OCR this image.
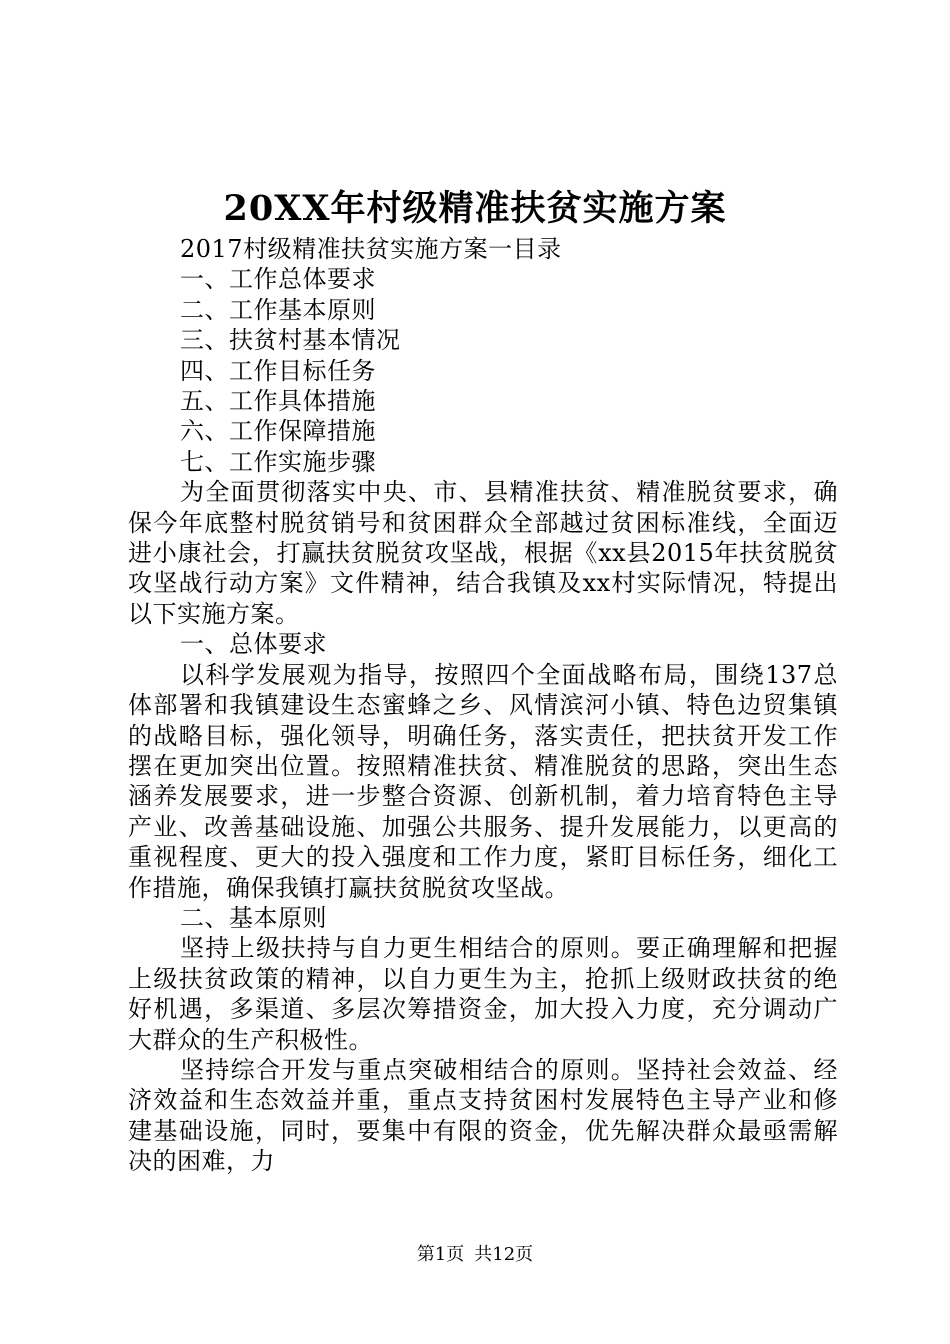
20XX年村级精准扶贫实施方案

2017村级精准扶贫实施方案一目录

一、工作总体要求

二、工作基本原则

三、扶贫村基本情况

四、工作目标任务

五、工作具体措施

六、工作保障措施

七、工作实施步骤

为全面贯彻落实中央、市、县精准扶贫、精准脱贫要求，确保今年底整村脱贫销号和贫困群众全部越过贫困标准线，全面迈进小康社会，打赢扶贫脱贫攻坚战，根据《xx县2015年扶贫脱贫攻坚战行动方案》文件精神，结合我镇及xx村实际情况，特提出以下实施方案。

一、总体要求

以科学发展观为指导，按照四个全面战略布局，围绕137总体部署和我镇建设生态蜜蜂之乡、风情滨河小镇、特色边贸集镇的战略目标，强化领导，明确任务，落实责任，把扶贫开发工作摆在更加突出位置。按照精准扶贫、精准脱贫的思路，突出生态涵养发展要求，进一步整合资源、创新机制，着力培育特色主导产业、改善基础设施、加强公共服务、提升发展能力，以更高的重视程度、更大的投入强度和工作力度，紧盯目标任务，细化工作措施，确保我镇打赢扶贫脱贫攻坚战。

二、基本原则

坚持上级扶持与自力更生相结合的原则。要正确理解和把握上级扶贫政策的精神，以自力更生为主，抢抓上级财政扶贫的绝好机遇，多渠道、多层次筹措资金，加大投入力度，充分调动广大群众的生产积极性。

坚持综合开发与重点突破相结合的原则。坚持社会效益、经济效益和生态效益并重，重点支持贫困村发展特色主导产业和修建基础设施，同时，要集中有限的资金，优先解决群众最亟需解决的困难，力

第1页 共12页
